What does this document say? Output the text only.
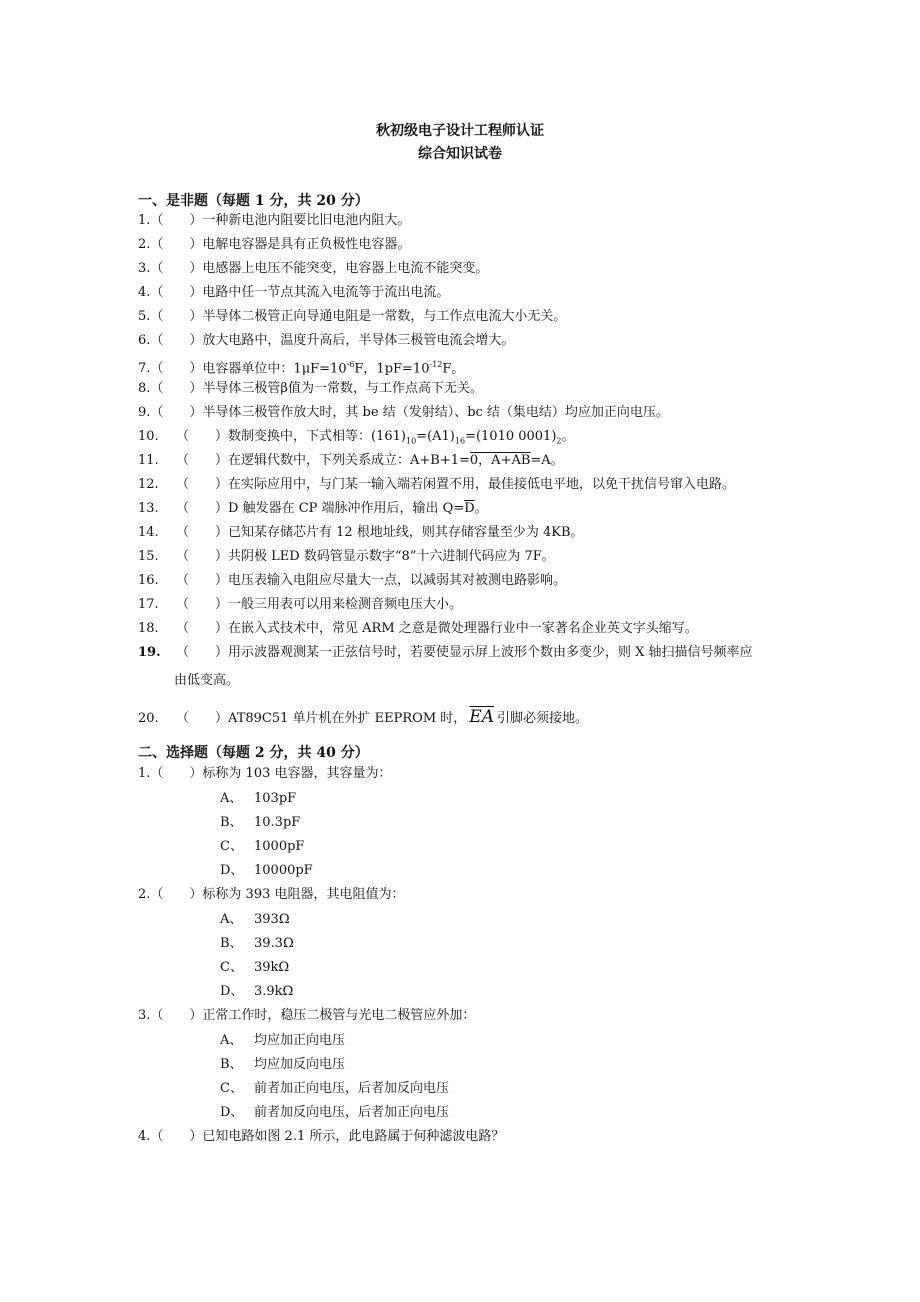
秋初级电子设计工程师认证
综合知识试卷
一、是非题（每题 1 分，共 20 分）
1.（　　）一种新电池内阻要比旧电池内阻大。
2.（　　）电解电容器是具有正负极性电容器。
3.（　　）电感器上电压不能突变，电容器上电流不能突变。
4.（　　）电路中任一节点其流入电流等于流出电流。
5.（　　）半导体二极管正向导通电阻是一常数，与工作点电流大小无关。
6.（　　）放大电路中，温度升高后，半导体三极管电流会增大。
7.（　　）电容器单位中：$1\mu F=10^{-6}F$，$1pF=10^{-12}F$。
8.（　　）半导体三极管β值为一常数，与工作点高下无关。
9.（　　）半导体三极管作放大时，其 be 结（发射结）、bc 结（集电结）均应加正向电压。
10. （　　）数制变换中，下式相等：$(161)_{10}=(A1)_{16}=(1010$ $0001)_2$。
11. （　　）在逻辑代数中，下列关系成立：A+B+1=0，A+AB=A。
12. （　　）在实际应用中，与门某一输入端若闲置不用，最佳接低电平地，以免干扰信号窜入电路。
13. （　　）D 触发器在 CP 端脉冲作用后，输出 $Q=\overline{D}$。
14. （　　）已知某存储芯片有 12 根地址线，则其存储容量至少为 4KB。
15. （　　）共阴极 LED 数码管显示数字“8”十六进制代码应为 7F。
16. （　　）电压表输入电阻应尽量大一点，以减弱其对被测电路影响。
17. （　　）一般三用表可以用来检测音频电压大小。
18. （　　）在嵌入式技术中，常见 ARM 之意是微处理器行业中一家著名企业英文字头缩写。
19. （　　）用示波器观测某一正弦信号时，若要使显示屏上波形个数由多变少，则 X 轴扫描信号频率应
由低变高。
20. （　　）AT89C51 单片机在外扩 EEPROM 时， $\overline{EA}$ 引脚必须接地。
二、选择题（每题 2 分，共 40 分）
1.（　　）标称为 103 电容器，其容量为：
A、 103pF
B、 10.3pF
C、 1000pF
D、 10000pF
2.（　　）标称为 393 电阻器，其电阻值为：
A、 393Ω
B、 39.3Ω
C、 39kΩ
D、 3.9kΩ
3.（　　）正常工作时，稳压二极管与光电二极管应外加：
A、 均应加正向电压
B、 均应加反向电压
C、 前者加正向电压，后者加反向电压
D、 前者加反向电压，后者加正向电压
4.（　　）已知电路如图 2.1 所示，此电路属于何种滤波电路？
